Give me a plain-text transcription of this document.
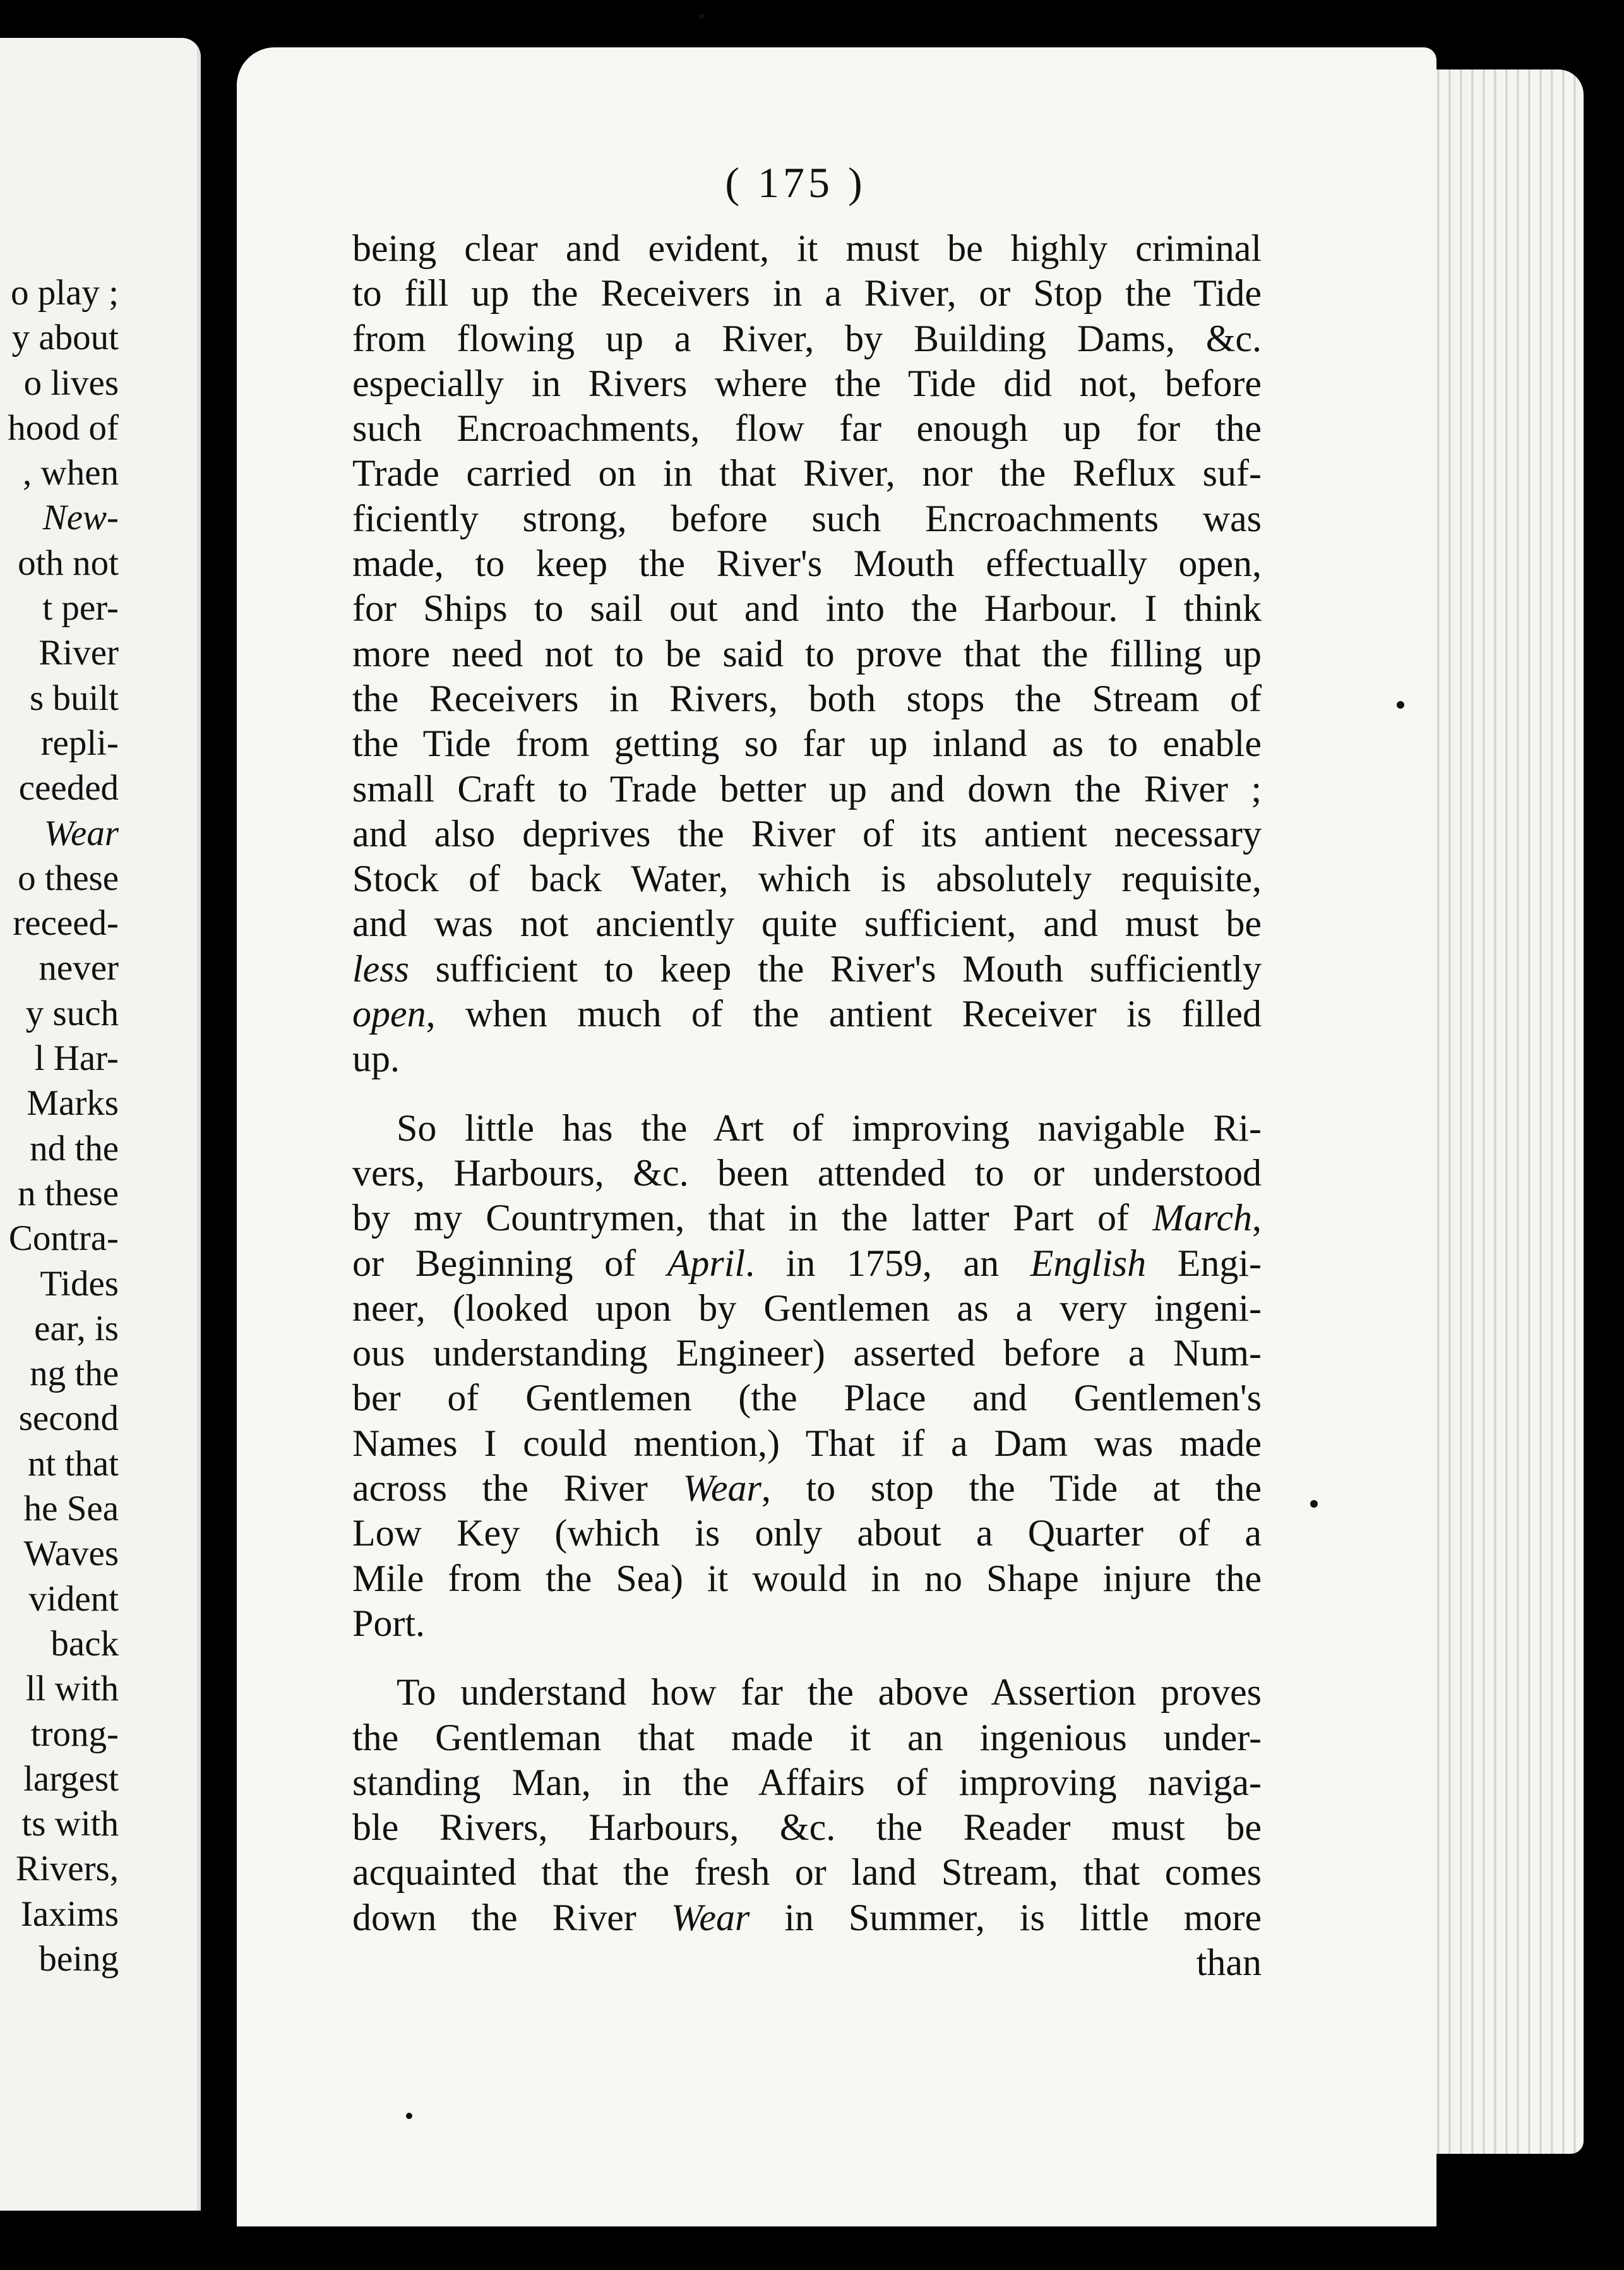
o play ;
y about
o lives
hood of
, when
New-
oth not
t per-
River
s built
repli-
ceeded
Wear
o these
receed-
never
y such
l Har-
Marks
nd the
n these
Contra-
Tides
ear, is
ng the
second
nt that
he Sea
Waves
vident
back
ll with
trong-
largest
ts with
Rivers,
Iaxims
being
( 175 )
being clear and evident, it must be highly criminal
to fill up the Receivers in a River, or Stop the Tide
from flowing up a River, by Building Dams, &c.
especially in Rivers where the Tide did not, before
such Encroachments, flow far enough up for the
Trade carried on in that River, nor the Reflux suf-
ficiently strong, before such Encroachments was
made, to keep the River's Mouth effectually open,
for Ships to sail out and into the Harbour. I think
more need not to be said to prove that the filling up
the Receivers in Rivers, both stops the Stream of
the Tide from getting so far up inland as to enable
small Craft to Trade better up and down the River ;
and also deprives the River of its antient necessary
Stock of back Water, which is absolutely requisite,
and was not anciently quite sufficient, and must be
less sufficient to keep the River's Mouth sufficiently
open, when much of the antient Receiver is filled
up.
So little has the Art of improving navigable Ri-
vers, Harbours, &c. been attended to or understood
by my Countrymen, that in the latter Part of March,
or Beginning of April. in 1759, an English Engi-
neer, (looked upon by Gentlemen as a very ingeni-
ous understanding Engineer) asserted before a Num-
ber of Gentlemen (the Place and Gentlemen's
Names I could mention,) That if a Dam was made
across the River Wear, to stop the Tide at the
Low Key (which is only about a Quarter of a
Mile from the Sea) it would in no Shape injure the
Port.
To understand how far the above Assertion proves
the Gentleman that made it an ingenious under-
standing Man, in the Affairs of improving naviga-
ble Rivers, Harbours, &c. the Reader must be
acquainted that the fresh or land Stream, that comes
down the River Wear in Summer, is little more
than
